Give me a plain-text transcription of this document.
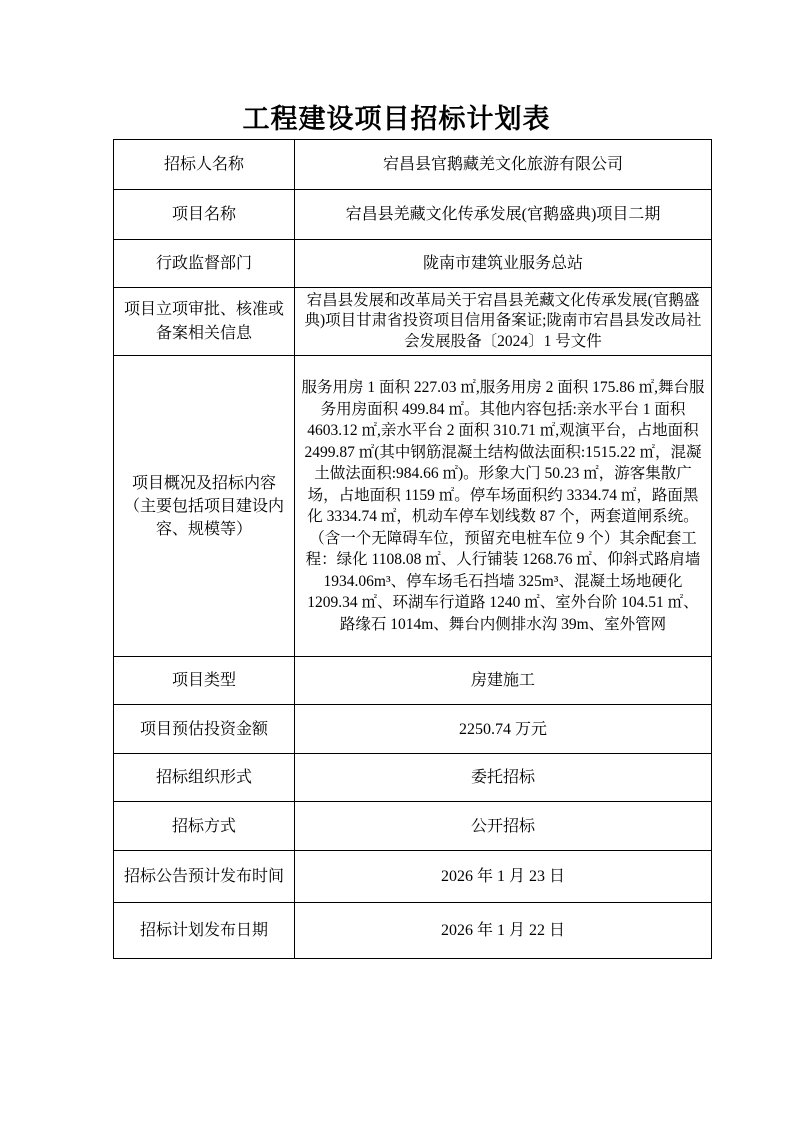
工程建设项目招标计划表
招标人名称	宕昌县官鹅藏羌文化旅游有限公司
项目名称	宕昌县羌藏文化传承发展(官鹅盛典)项目二期
行政监督部门	陇南市建筑业服务总站
项目立项审批、核准或备案相关信息	宕昌县发展和改革局关于宕昌县羌藏文化传承发展(官鹅盛典)项目甘肃省投资项目信用备案证;陇南市宕昌县发改局社会发展股备〔2024〕1 号文件
项目概况及招标内容（主要包括项目建设内容、规模等）	服务用房 1 面积 227.03 ㎡,服务用房 2 面积 175.86 ㎡,舞台服务用房面积 499.84 ㎡。其他内容包括:亲水平台 1 面积 4603.12 ㎡,亲水平台 2 面积 310.71 ㎡,观演平台，占地面积 2499.87 ㎡(其中钢筋混凝土结构做法面积:1515.22 ㎡，混凝土做法面积:984.66 ㎡)。形象大门 50.23 ㎡，游客集散广场，占地面积 1159 ㎡。停车场面积约 3334.74 ㎡，路面黑化 3334.74 ㎡，机动车停车划线数 87 个，两套道闸系统。（含一个无障碍车位，预留充电桩车位 9 个）其余配套工程：绿化 1108.08 ㎡、人行铺装 1268.76 ㎡、仰斜式路肩墙 1934.06m³、停车场毛石挡墙 325m³、混凝土场地硬化 1209.34 ㎡、环湖车行道路 1240 ㎡、室外台阶 104.51 ㎡、路缘石 1014m、舞台内侧排水沟 39m、室外管网
项目类型	房建施工
项目预估投资金额	2250.74 万元
招标组织形式	委托招标
招标方式	公开招标
招标公告预计发布时间	2026 年 1 月 23 日
招标计划发布日期	2026 年 1 月 22 日
